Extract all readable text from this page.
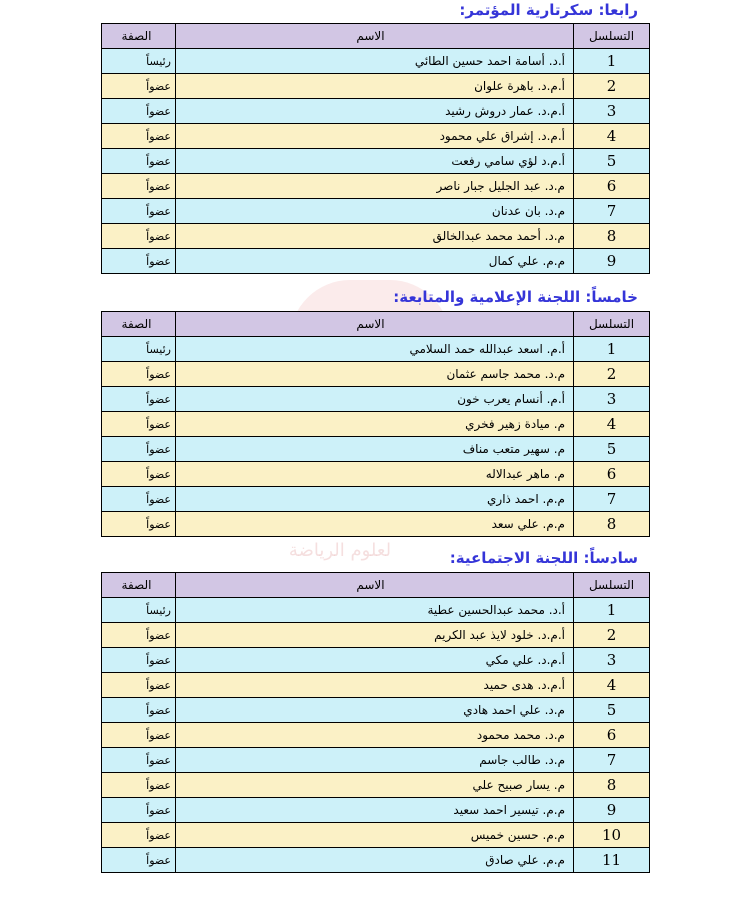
لعلوم الرياضة
رابعا: سكرتارية المؤتمر:
التسلسل	الاسم	الصفة
1	أ.د. أسامة احمد حسين الطائي	رئيساً
2	أ.م.د. باهرة علوان	عضواً
3	أ.م.د. عمار دروش رشيد	عضواً
4	أ.م.د. إشراق علي محمود	عضواً
5	أ.م.د لؤي سامي رفعت	عضواً
6	م.د. عبد الجليل جبار ناصر	عضواً
7	م.د. بان عدنان	عضواً
8	م.د. أحمد محمد عبدالخالق	عضواً
9	م.م. علي كمال	عضواً
خامساً: اللجنة الإعلامية والمتابعة:
التسلسل	الاسم	الصفة
1	أ.م. اسعد عبدالله حمد السلامي	رئيساً
2	م.د. محمد جاسم عثمان	عضواً
3	أ.م. أنسام يعرب خون	عضواً
4	م. ميادة زهير فخري	عضواً
5	م. سهير متعب مناف	عضواً
6	م. ماهر عبدالاله	عضواً
7	م.م. احمد ذاري	عضواً
8	م.م. علي سعد	عضواً
سادساً: اللجنة الاجتماعية:
التسلسل	الاسم	الصفة
1	أ.د. محمد عبدالحسين عطية	رئيساً
2	أ.م.د. خلود لايذ عبد الكريم	عضواً
3	أ.م.د. علي مكي	عضواً
4	أ.م.د. هدى حميد	عضواً
5	م.د. علي احمد هادي	عضواً
6	م.د. محمد محمود	عضواً
7	م.د. طالب جاسم	عضواً
8	م. يسار صبيح علي	عضواً
9	م.م. تيسير احمد سعيد	عضواً
10	م.م. حسين خميس	عضواً
11	م.م. علي صادق	عضواً
